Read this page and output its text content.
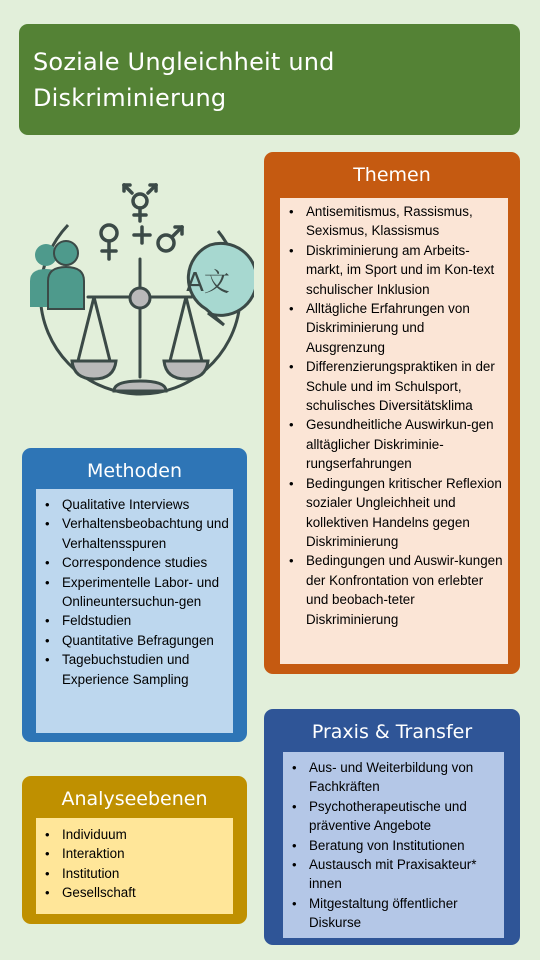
Soziale Ungleichheit und Diskriminierung
A文
Themen
• Antisemitismus, Rassismus, Sexismus, Klassismus
• Diskriminierung am Arbeits-markt, im Sport und im Kon-text schulischer Inklusion
• Alltägliche Erfahrungen von Diskriminierung und Ausgrenzung
• Differenzierungspraktiken in der Schule und im Schulsport, schulisches Diversitätsklima
• Gesundheitliche Auswirkun-gen alltäglicher Diskriminie-rungserfahrungen
• Bedingungen kritischer Reflexion sozialer Ungleichheit und kollektiven Handelns gegen Diskriminierung
• Bedingungen und Auswir-kungen der Konfrontation von erlebter und beobach-teter Diskriminierung
Methoden
• Qualitative Interviews
• Verhaltensbeobachtung und Verhaltensspuren
• Correspondence studies
• Experimentelle Labor- und Onlineuntersuchun-gen
• Feldstudien
• Quantitative Befragungen
• Tagebuchstudien und Experience Sampling
Praxis & Transfer
• Aus- und Weiterbildung von Fachkräften
• Psychotherapeutische und präventive Angebote
• Beratung von Institutionen
• Austausch mit Praxisakteur* innen
• Mitgestaltung öffentlicher Diskurse
Analyseebenen
• Individuum
• Interaktion
• Institution
• Gesellschaft
